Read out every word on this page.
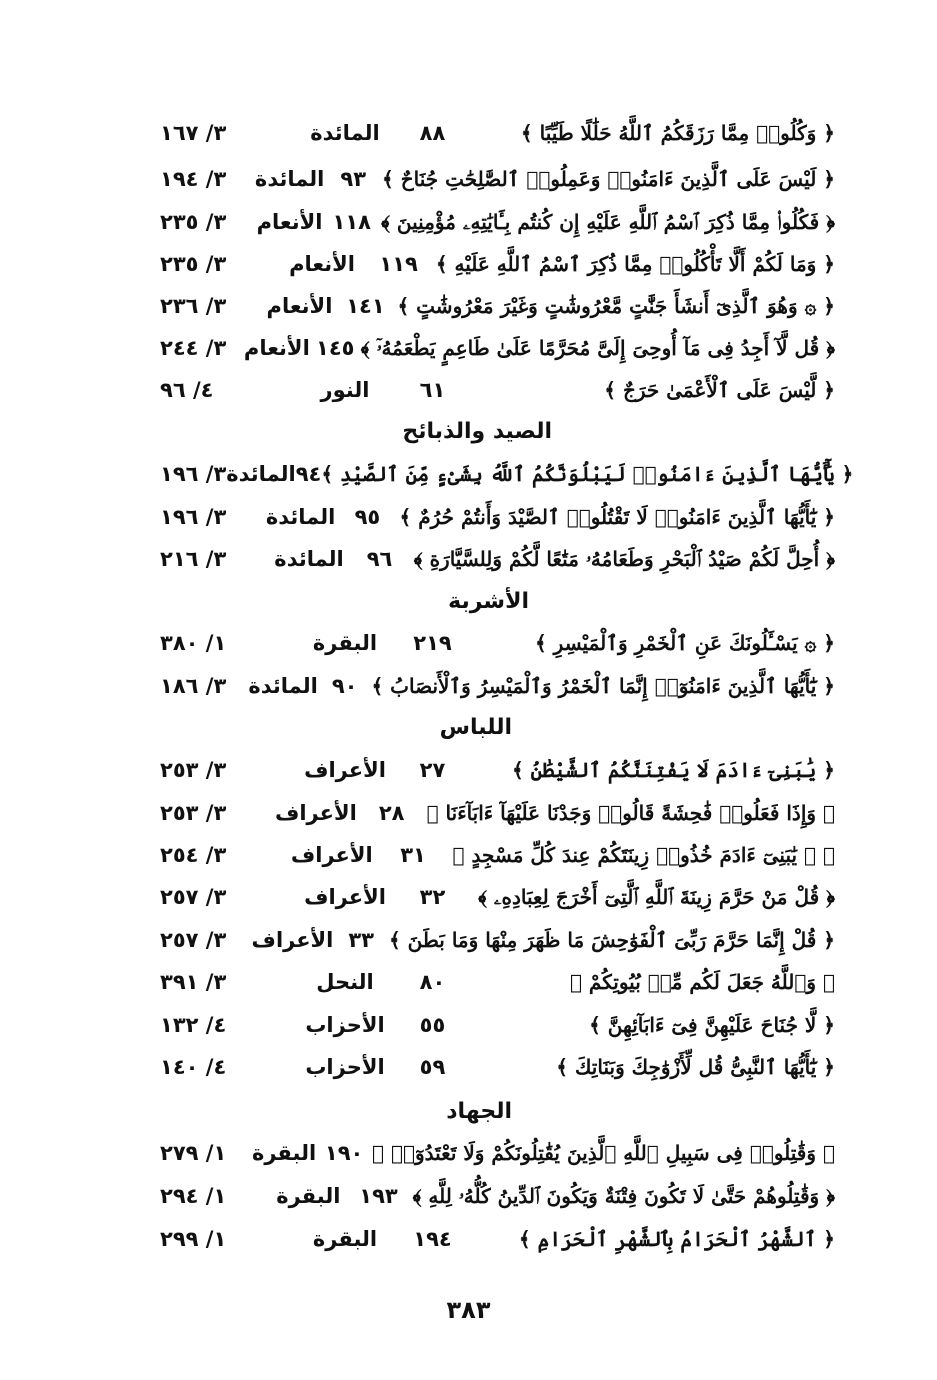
٣/ ١٦٧	المائدة	٨٨	﴿ وَكُلُوا۟ مِمَّا رَزَقَكُمُ ٱللَّهُ حَلَٰلًا طَيِّبًا ﴾
٣/ ١٩٤	المائدة ٩٣ ﴿ لَيْسَ عَلَى ٱلَّذِينَ ءَامَنُوا۟ وَعَمِلُوا۟ ٱلصَّٰلِحَٰتِ جُنَاحٌ ﴾
٣/ ٢٣٥	الأنعام ١١٨ ﴿ فَكُلُوا۟ مِمَّا ذُكِرَ ٱسْمُ ٱللَّهِ عَلَيْهِ إِن كُنتُم بِـَٔايَٰتِهِۦ مُؤْمِنِينَ ﴾
٣/ ٢٣٥	الأنعام	١١٩ ﴿ وَمَا لَكُمْ أَلَّا تَأْكُلُوا۟ مِمَّا ذُكِرَ ٱسْمُ ٱللَّهِ عَلَيْهِ ﴾
٣/ ٢٣٦	الأنعام ١٤١ ﴿ ۞ وَهُوَ ٱلَّذِىٓ أَنشَأَ جَنَّٰتٍ مَّعْرُوشَٰتٍ وَغَيْرَ مَعْرُوشَٰتٍ ﴾
٣/ ٢٤٤ الأنعام ١٤٥ ﴿ قُل لَّآ أَجِدُ فِى مَآ أُوحِىَ إِلَىَّ مُحَرَّمًا عَلَىٰ طَاعِمٍ يَطْعَمُهُۥٓ ﴾
٤/ ٩٦	النور	٦١	﴿ لَّيْسَ عَلَى ٱلْأَعْمَىٰ حَرَجٌ ﴾
الصيد والذبائح
٣/ ١٩٦ المائدة ٩٤ ﴿ يَٰٓأَيُّهَا ٱلَّذِينَ ءَامَنُوا۟ لَيَبْلُوَنَّكُمُ ٱللَّهُ بِشَىْءٍ مِّنَ ٱلصَّيْدِ ﴾
٣/ ١٩٦	المائدة ٩٥ ﴿ يَٰٓأَيُّهَا ٱلَّذِينَ ءَامَنُوا۟ لَا تَقْتُلُوا۟ ٱلصَّيْدَ وَأَنتُمْ حُرُمٌ ﴾
٣/ ٢١٦	المائدة	٩٦	﴿ أُحِلَّ لَكُمْ صَيْدُ ٱلْبَحْرِ وَطَعَامُهُۥ مَتَٰعًا لَّكُمْ وَلِلسَّيَّارَةِ ﴾
الأشربة
١/ ٣٨٠	البقرة	٢١٩	﴿ ۞ يَسْـَٔلُونَكَ عَنِ ٱلْخَمْرِ وَٱلْمَيْسِرِ ﴾
٣/ ١٨٦	المائدة ٩٠ ﴿ يَٰٓأَيُّهَا ٱلَّذِينَ ءَامَنُوٓا۟ إِنَّمَا ٱلْخَمْرُ وَٱلْمَيْسِرُ وَٱلْأَنصَابُ ﴾
اللباس
٣/ ٢٥٣	الأعراف	٢٧	﴿ يَٰبَنِىٓ ءَادَمَ لَا يَفْتِنَنَّكُمُ ٱلشَّيْطَٰنُ ﴾
٣/ ٢٥٣	الأعراف	٢٨	﴿ وَإِذَا فَعَلُوا۟ فَٰحِشَةً قَالُوا۟ وَجَدْنَا عَلَيْهَآ ءَابَآءَنَا ﴾
٣/ ٢٥٤	الأعراف	٣١	﴿ ۞ يَٰبَنِىٓ ءَادَمَ خُذُوا۟ زِينَتَكُمْ عِندَ كُلِّ مَسْجِدٍ ﴾
٣/ ٢٥٧	الأعراف	٣٢	﴿ قُلْ مَنْ حَرَّمَ زِينَةَ ٱللَّهِ ٱلَّتِىٓ أَخْرَجَ لِعِبَادِهِۦ ﴾
٣/ ٢٥٧	الأعراف ٣٣ ﴿ قُلْ إِنَّمَا حَرَّمَ رَبِّىَ ٱلْفَوَٰحِشَ مَا ظَهَرَ مِنْهَا وَمَا بَطَنَ ﴾
٣/ ٣٩١	النحل	٨٠	﴿ وَٱللَّهُ جَعَلَ لَكُم مِّنۢ بُيُوتِكُمْ ﴾
٤/ ١٣٢	الأحزاب	٥٥	﴿ لَّا جُنَاحَ عَلَيْهِنَّ فِىٓ ءَابَآئِهِنَّ ﴾
٤/ ١٤٠	الأحزاب	٥٩	﴿ يَٰٓأَيُّهَا ٱلنَّبِىُّ قُل لِّأَزْوَٰجِكَ وَبَنَاتِكَ ﴾
الجهاد
١/ ٢٧٩	البقرة ١٩٠ ﴿ وَقَٰتِلُوا۟ فِى سَبِيلِ ٱللَّهِ ٱلَّذِينَ يُقَٰتِلُونَكُمْ وَلَا تَعْتَدُوٓا۟ ﴾
١/ ٢٩٤	البقرة ١٩٣ ﴿ وَقَٰتِلُوهُمْ حَتَّىٰ لَا تَكُونَ فِتْنَةٌ وَيَكُونَ ٱلدِّينُ كُلُّهُۥ لِلَّهِ ﴾
١/ ٢٩٩	البقرة	١٩٤	﴿ ٱلشَّهْرُ ٱلْحَرَامُ بِٱلشَّهْرِ ٱلْحَرَامِ ﴾
٣٨٣
